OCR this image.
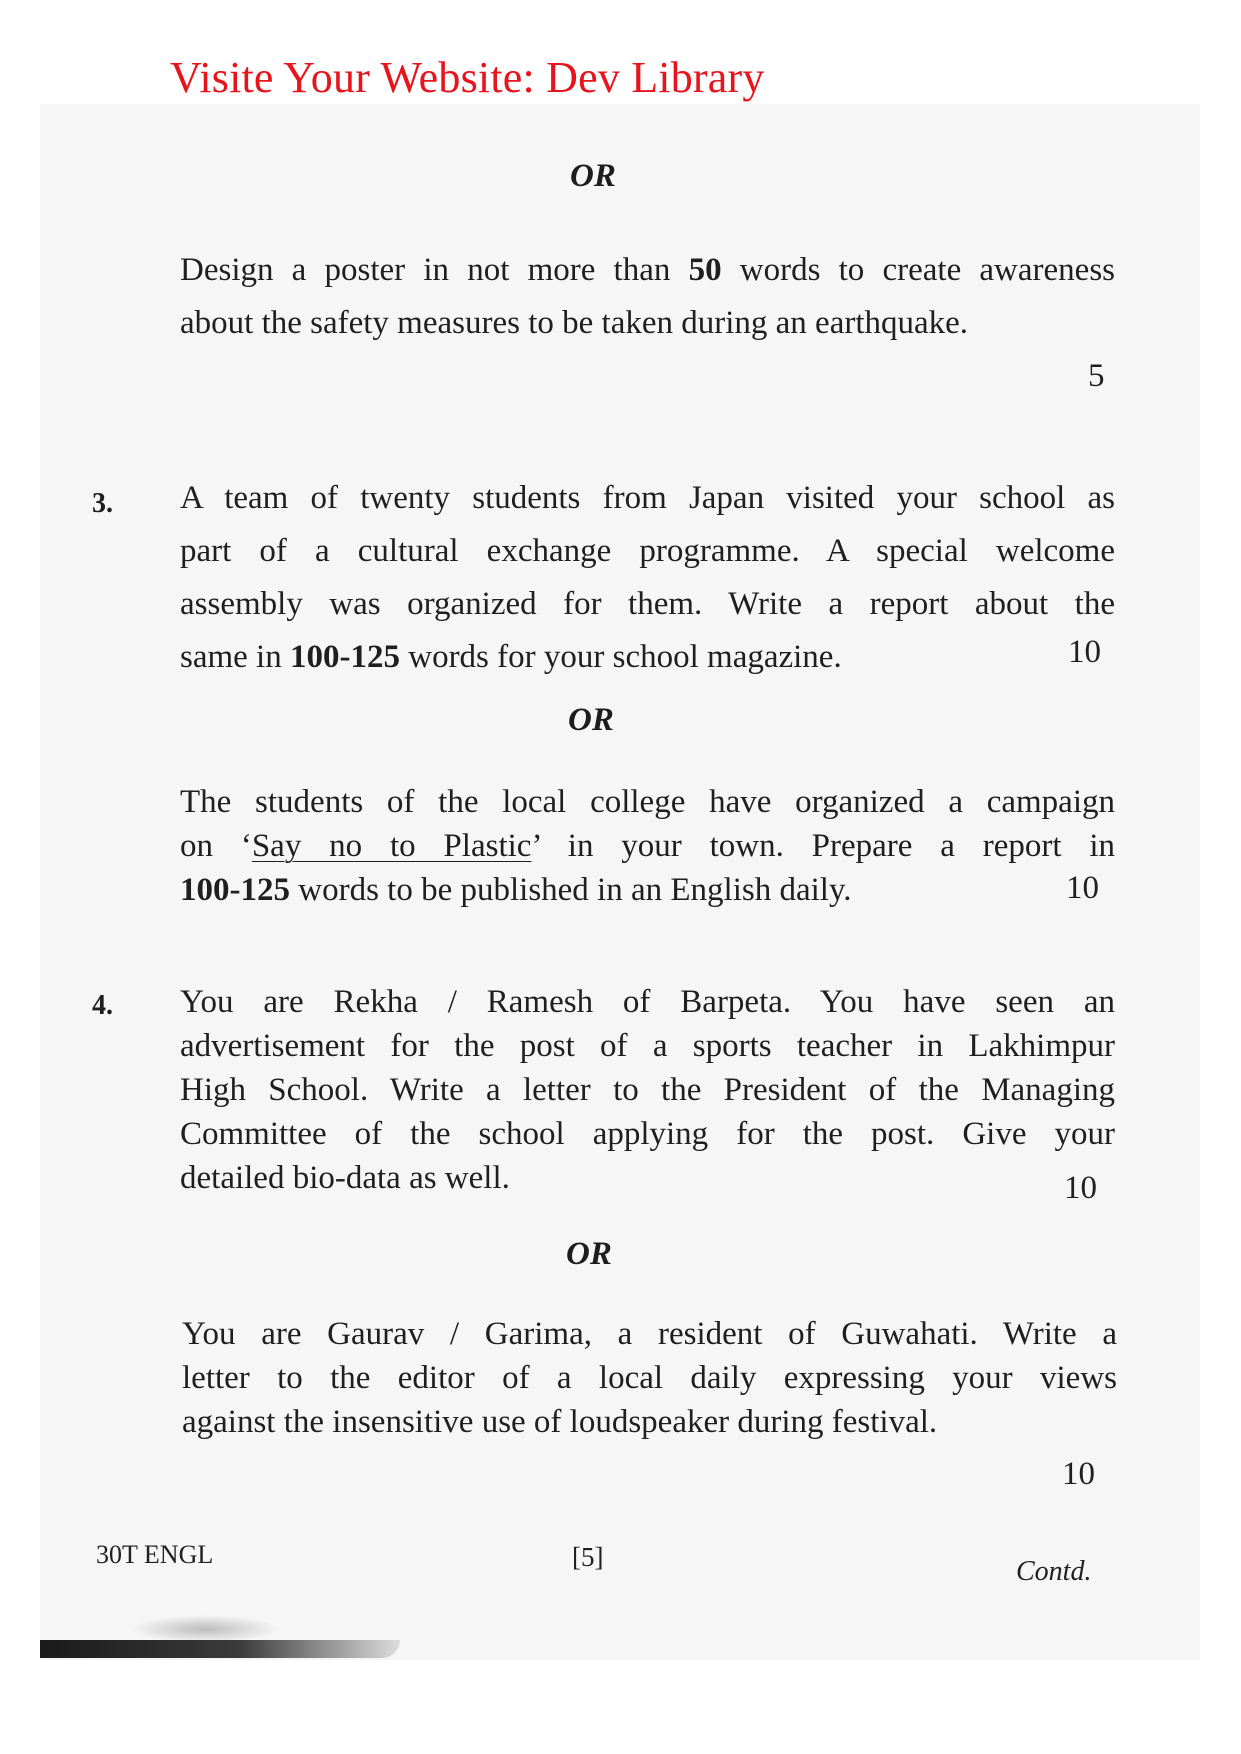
Visite Your Website: Dev Library
OR
Design a poster in not more than 50 words to create awareness
about the safety measures to be taken during an earthquake.
5
3. A team of twenty students from Japan visited your school as
part of a cultural exchange programme. A special welcome
assembly was organized for them. Write a report about the
same in 100-125 words for your school magazine.	10
OR
The students of the local college have organized a campaign
on ‘Say no to Plastic’ in your town. Prepare a report in
100-125 words to be published in an English daily.	10
4. You are Rekha / Ramesh of Barpeta. You have seen an
advertisement for the post of a sports teacher in Lakhimpur
High School. Write a letter to the President of the Managing
Committee of the school applying for the post. Give your
detailed bio-data as well.	10
OR
You are Gaurav / Garima, a resident of Guwahati. Write a
letter to the editor of a local daily expressing your views
against the insensitive use of loudspeaker during festival.
10
30T ENGL	[5]	Contd.
